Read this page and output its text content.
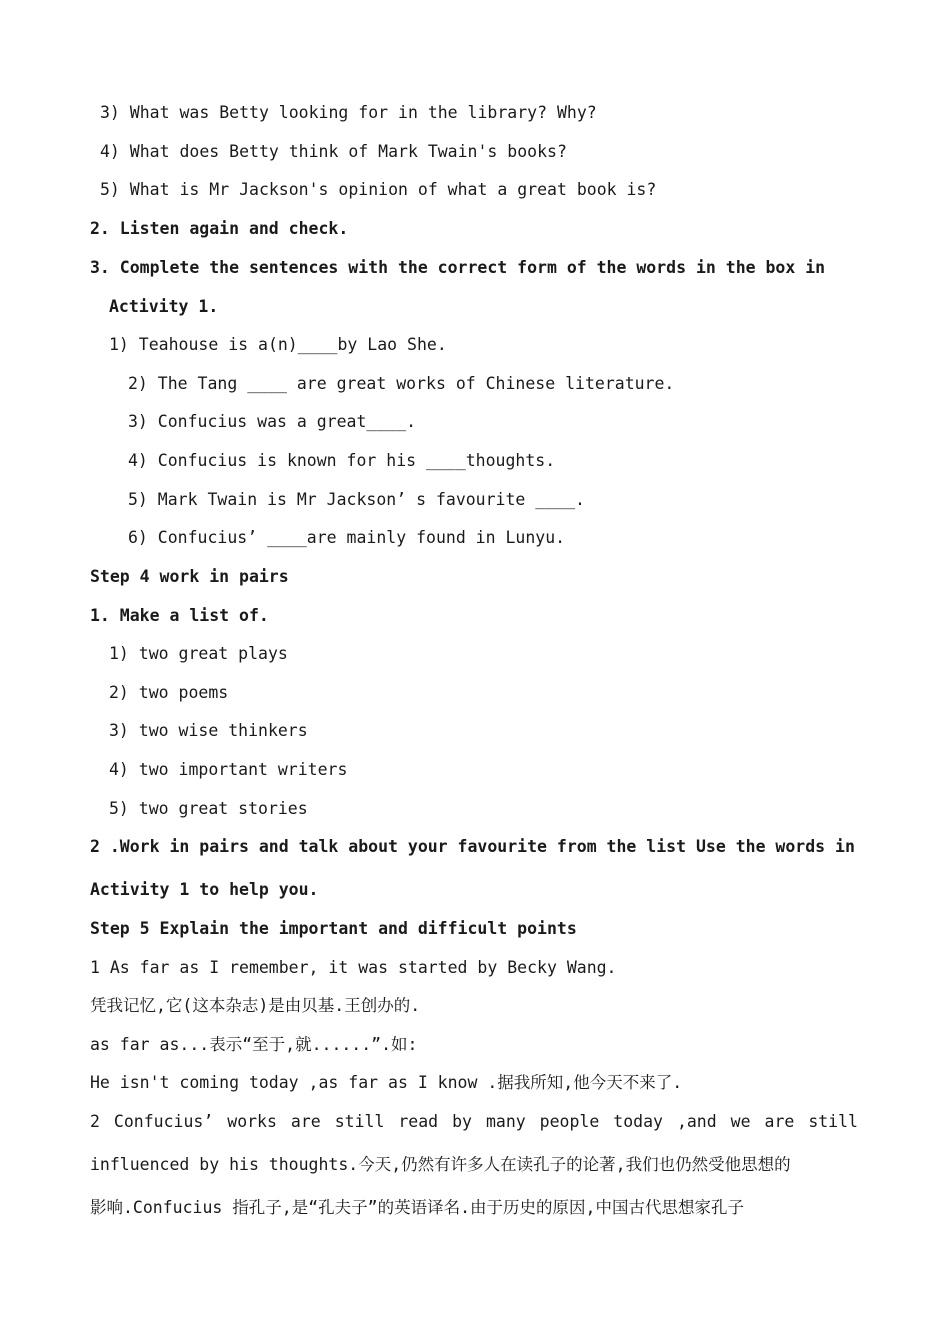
3) What was Betty looking for in the library? Why?
4) What does Betty think of Mark Twain's books?
5) What is Mr Jackson's opinion of what a great book is?
2. Listen again and check.
3. Complete the sentences with the correct form of the words in the box in
Activity 1.
1) Teahouse is a(n)____by Lao She.
2) The Tang ____ are great works of Chinese literature.
3) Confucius was a great____.
4) Confucius is known for his ____thoughts.
5) Mark Twain is Mr Jackson’ s favourite ____.
6) Confucius’ ____are mainly found in Lunyu.
Step 4 work in pairs
1. Make a list of.
1) two great plays
2) two poems
3) two wise thinkers
4) two important writers
5) two great stories
2 .Work in pairs and talk about your favourite from the list Use the words in
Activity 1 to help you.
Step 5 Explain the important and difficult points
1 As far as I remember, it was started by Becky Wang.
凭我记忆,它(这本杂志)是由贝基.王创办的.
as far as...表示“至于,就......”.如:
He isn't coming today ,as far as I know .据我所知,他今天不来了.
2 Confucius’ works are still read by many people today ,and we are still
influenced by his thoughts.今天,仍然有许多人在读孔子的论著,我们也仍然受他思想的
影响.Confucius 指孔子,是“孔夫子”的英语译名.由于历史的原因,中国古代思想家孔子
